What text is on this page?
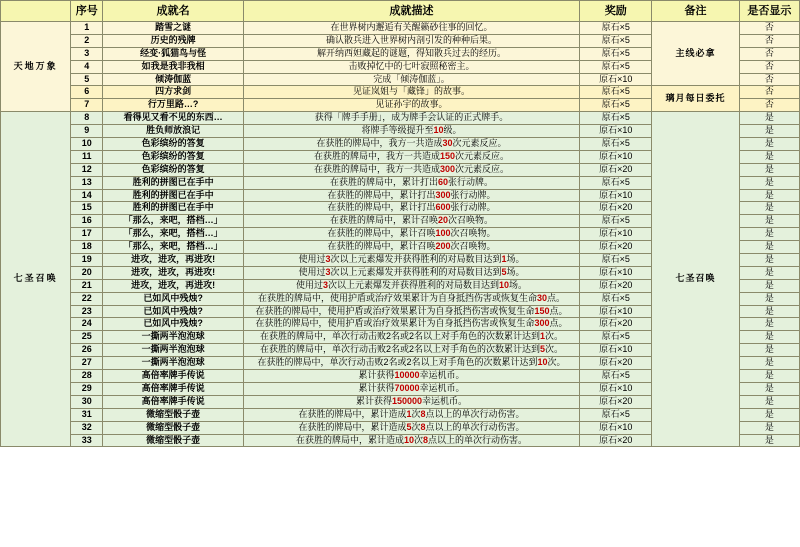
	序号	成就名	成就描述	奖励	备注	是否显示
天地万象	1	踏雪之谜	在世界树内邂逅有关醒籁砂往事的回忆。	原石×5	主线必拿	否
	2	历史的残牌	确认散兵进入世界树内剖引发的种种后果。	原石×5		否
	3	经变·狐猫鸟与怪	解开纳西妲藏起的谜题，得知散兵过去的经历。	原石×5		否
	4	如我是我非我相	击败掉忆中的七叶寂照秘密主。	原石×5		否
	5	倾涛伽蓝	完成「倾涛伽蓝」。	原石×10		否
	6	四方求剑	见证岚姐与「藏锋」的故事。	原石×5	璃月每日委托	否
	7	行万里路…?	见证孙宇的故事。	原石×5		否
七圣召唤	8	看得见又看不见的东西…	获得「牌手手册」，成为牌手会认证的正式牌手。	原石×5	七圣召唤	是
	9	胜负师放浪记	将牌手等级提升至10级。	原石×10		是
	10	色彩缤纷的答复	在获胜的牌局中，我方一共造成30次元素反应。	原石×5		是
	11	色彩缤纷的答复	在获胜的牌局中，我方一共造成150次元素反应。	原石×10		是
	12	色彩缤纷的答复	在获胜的牌局中，我方一共造成300次元素反应。	原石×20		是
	13	胜利的拼图已在手中	在获胜的牌局中，累计打出60张行动牌。	原石×5		是
	14	胜利的拼图已在手中	在获胜的牌局中，累计打出300张行动牌。	原石×10		是
	15	胜利的拼图已在手中	在获胜的牌局中，累计打出600张行动牌。	原石×20		是
	16	「那么，来吧，搭档…」	在获胜的牌局中，累计召唤20次召唤物。	原石×5		是
	17	「那么，来吧，搭档…」	在获胜的牌局中，累计召唤100次召唤物。	原石×10		是
	18	「那么，来吧，搭档…」	在获胜的牌局中，累计召唤200次召唤物。	原石×20		是
	19	进攻，进攻，再进攻!	使用过3次以上元素爆发并获得胜利的对局数目达到1场。	原石×5		是
	20	进攻，进攻，再进攻!	使用过3次以上元素爆发并获得胜利的对局数目达到5场。	原石×10		是
	21	进攻，进攻，再进攻!	使用过3次以上元素爆发并获得胜利的对局数目达到10场。	原石×20		是
	22	已如风中残烛?	在获胜的牌局中，使用护盾或治疗效果累计为自身抵挡伤害或恢复生命30点。	原石×5		是
	23	已如风中残烛?	在获胜的牌局中，使用护盾或治疗效果累计为自身抵挡伤害或恢复生命150点。	原石×10		是
	24	已如风中残烛?	在获胜的牌局中，使用护盾或治疗效果累计为自身抵挡伤害或恢复生命300点。	原石×20		是
	25	一撕两半泡泡球	在获胜的牌局中，单次行动击败2名或2名以上对手角色的次数累计达到1次。	原石×5		是
	26	一撕两半泡泡球	在获胜的牌局中，单次行动击败2名或2名以上对手角色的次数累计达到5次。	原石×10		是
	27	一撕两半泡泡球	在获胜的牌局中，单次行动击败2名或2名以上对手角色的次数累计达到10次。	原石×20		是
	28	高倍率牌手传说	累计获得10000幸运机币。	原石×5		是
	29	高倍率牌手传说	累计获得70000幸运机币。	原石×10		是
	30	高倍率牌手传说	累计获得150000幸运机币。	原石×20		是
	31	微缩型骰子壶	在获胜的牌局中，累计造成1次8点以上的单次行动伤害。	原石×5		是
	32	微缩型骰子壶	在获胜的牌局中，累计造成5次8点以上的单次行动伤害。	原石×10		是
	33	微缩型骰子壶	在获胜的牌局中，累计造成10次8点以上的单次行动伤害。	原石×20		是
